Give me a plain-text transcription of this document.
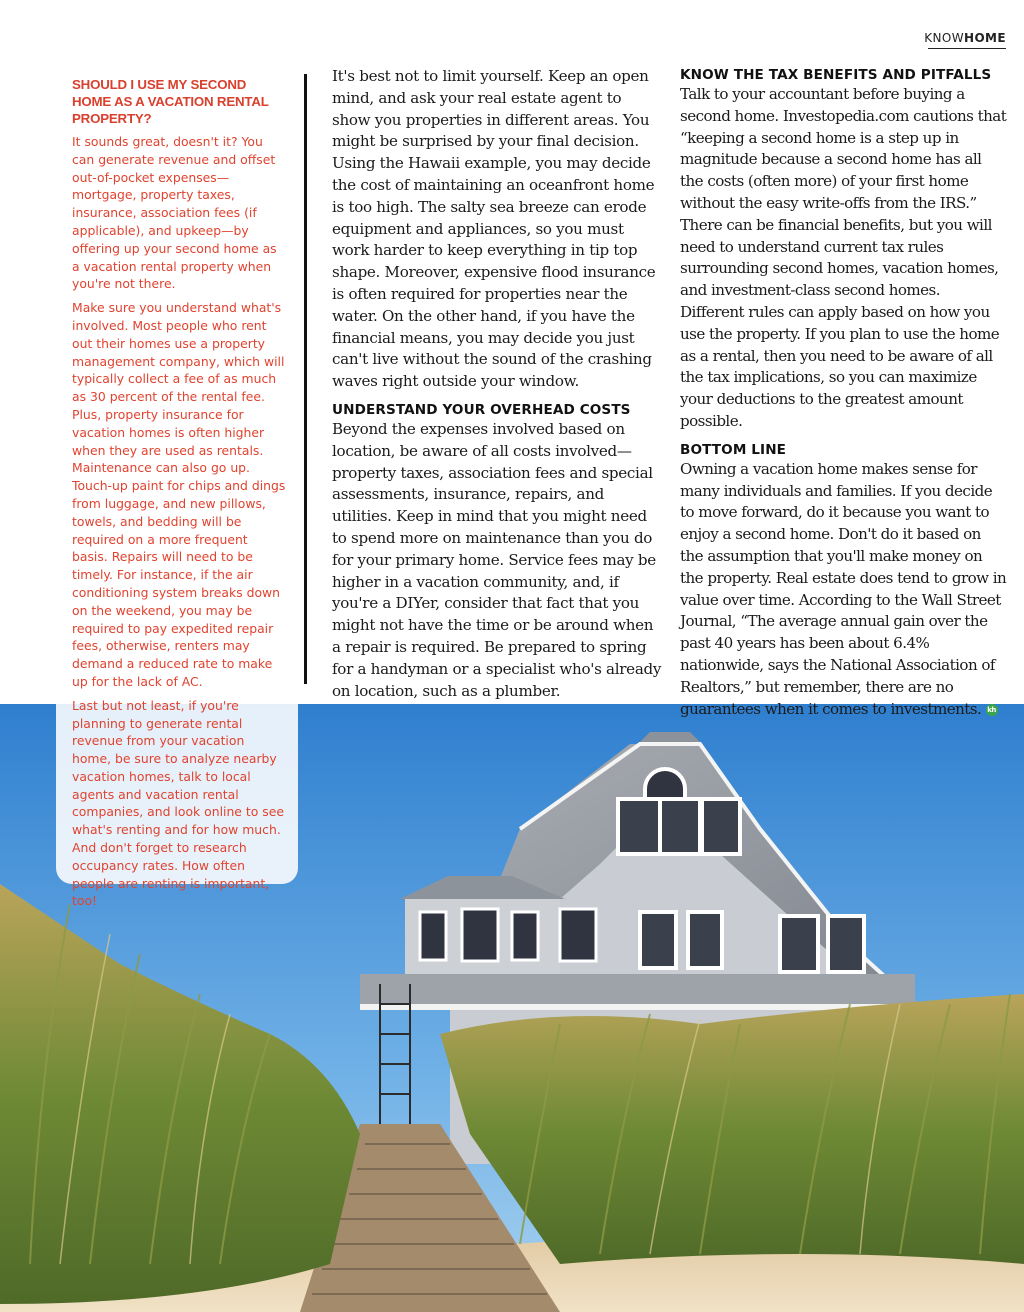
KNOWHOME
SHOULD I USE MY SECOND HOME AS A VACATION RENTAL PROPERTY?

It sounds great, doesn't it? You can generate revenue and offset out-of-pocket expenses—mortgage, property taxes, insurance, association fees (if applicable), and upkeep—by offering up your second home as a vacation rental property when you're not there.

Make sure you understand what's involved. Most people who rent out their homes use a property management company, which will typically collect a fee of as much as 30 percent of the rental fee. Plus, property insurance for vacation homes is often higher when they are used as rentals. Maintenance can also go up. Touch-up paint for chips and dings from luggage, and new pillows, towels, and bedding will be required on a more frequent basis. Repairs will need to be timely. For instance, if the air conditioning system breaks down on the weekend, you may be required to pay expedited repair fees, otherwise, renters may demand a reduced rate to make up for the lack of AC.

Last but not least, if you're planning to generate rental revenue from your vacation home, be sure to analyze nearby vacation homes, talk to local agents and vacation rental companies, and look online to see what's renting and for how much. And don't forget to research occupancy rates. How often people are renting is important, too!

It's best not to limit yourself. Keep an open mind, and ask your real estate agent to show you properties in different areas. You might be surprised by your final decision. Using the Hawaii example, you may decide the cost of maintaining an oceanfront home is too high. The salty sea breeze can erode equipment and appliances, so you must work harder to keep everything in tip top shape. Moreover, expensive flood insurance is often required for properties near the water. On the other hand, if you have the financial means, you may decide you just can't live without the sound of the crashing waves right outside your window.

UNDERSTAND YOUR OVERHEAD COSTS

Beyond the expenses involved based on location, be aware of all costs involved—property taxes, association fees and special assessments, insurance, repairs, and utilities. Keep in mind that you might need to spend more on maintenance than you do for your primary home. Service fees may be higher in a vacation community, and, if you're a DIYer, consider that fact that you might not have the time or be around when a repair is required. Be prepared to spring for a handyman or a specialist who's already on location, such as a plumber.

KNOW THE TAX BENEFITS AND PITFALLS

Talk to your accountant before buying a second home. Investopedia.com cautions that “keeping a second home is a step up in magnitude because a second home has all the costs (often more) of your first home without the easy write-offs from the IRS.” There can be financial benefits, but you will need to understand current tax rules surrounding second homes, vacation homes, and investment-class second homes. Different rules can apply based on how you use the property. If you plan to use the home as a rental, then you need to be aware of all the tax implications, so you can maximize your deductions to the greatest amount possible.

BOTTOM LINE

Owning a vacation home makes sense for many individuals and families. If you decide to move forward, do it because you want to enjoy a second home. Don't do it based on the assumption that you'll make money on the property. Real estate does tend to grow in value over time. According to the Wall Street Journal, “The average annual gain over the past 40 years has been about 6.4% nationwide, says the National Association of Realtors,” but remember, there are no guarantees when it comes to investments. kh
